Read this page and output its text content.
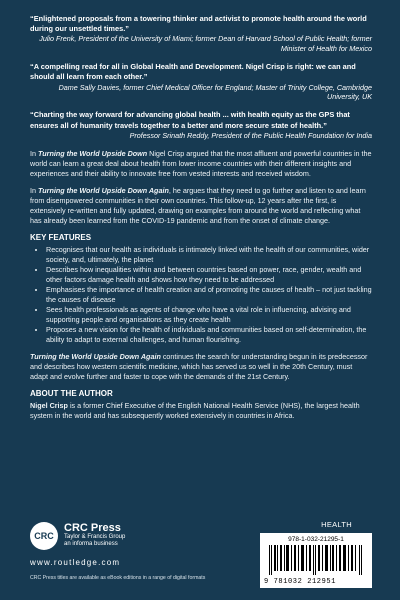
“Enlightened proposals from a towering thinker and activist to promote health around the world during our unsettled times.”
Julio Frenk, President of the University of Miami; former Dean of Harvard School of Public Health; former Minister of Health for Mexico
“A compelling read for all in Global Health and Development. Nigel Crisp is right: we can and should all learn from each other.”
Dame Sally Davies, former Chief Medical Officer for England; Master of Trinity College, Cambridge University, UK
“Charting the way forward for advancing global health ... with health equity as the GPS that ensures all of humanity travels together to a better and more secure state of health.”
Professor Srinath Reddy, President of the Public Health Foundation for India

In Turning the World Upside Down Nigel Crisp argued that the most affluent and powerful countries in the world can learn a great deal about health from lower income countries with their different insights and experiences and their ability to innovate free from vested interests and received wisdom.

In Turning the World Upside Down Again, he argues that they need to go further and listen to and learn from disempowered communities in their own countries. This follow-up, 12 years after the first, is extensively re-written and fully updated, drawing on examples from around the world and reflecting what has already been learned from the COVID-19 pandemic and from the onset of climate change.

KEY FEATURES
• Recognises that our health as individuals is intimately linked with the health of our communities, wider society, and, ultimately, the planet
• Describes how inequalities within and between countries based on power, race, gender, wealth and other factors damage health and shows how they need to be addressed
• Emphasises the importance of health creation and of promoting the causes of health – not just tackling the causes of disease
• Sees health professionals as agents of change who have a vital role in influencing, advising and supporting people and organisations as they create health
• Proposes a new vision for the health of individuals and communities based on self-determination, the ability to adapt to external challenges, and human flourishing.

Turning the World Upside Down Again continues the search for understanding begun in its predecessor and describes how western scientific medicine, which has served us so well in the 20th Century, must adapt and evolve further and faster to cope with the demands of the 21st Century.

ABOUT THE AUTHOR

Nigel Crisp is a former Chief Executive of the English National Health Service (NHS), the largest health system in the world and has subsequently worked extensively in countries in Africa.

CRC
CRC Press
Taylor & Francis Group
an informa business
www.routledge.com
CRC Press titles are available as eBook editions in a range of digital formats
HEALTH
978-1-032-21295-1
9 781032 212951
